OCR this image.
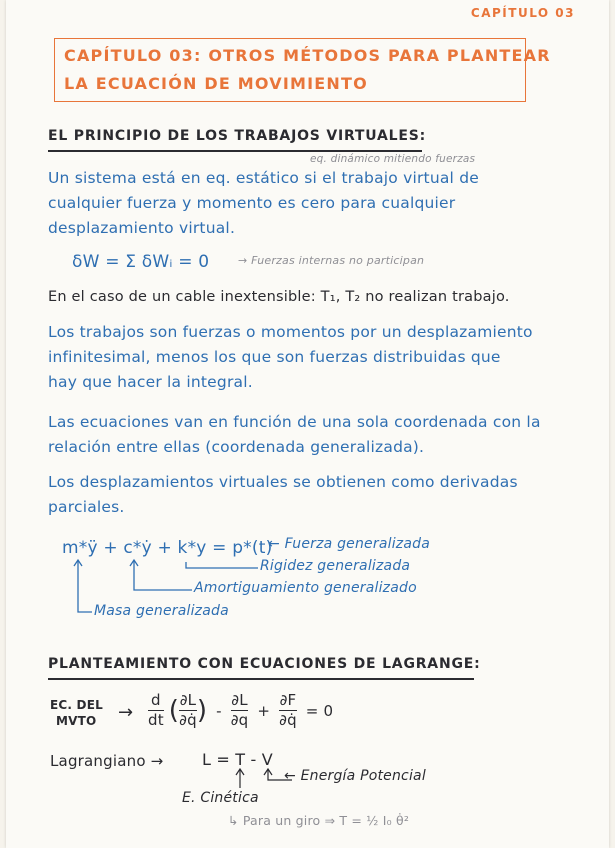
CAPÍTULO 03

CAPÍTULO 03: OTROS MÉTODOS PARA PLANTEAR

LA ECUACIÓN DE MOVIMIENTO

EL PRINCIPIO DE LOS TRABAJOS VIRTUALES:

eq. dinámico mitiendo fuerzas

Un sistema está en eq. estático si el trabajo virtual de

cualquier fuerza y momento es cero para cualquier

desplazamiento virtual.

δW = Σ δWᵢ = 0	→ Fuerzas internas no participan

En el caso de un cable inextensible: T₁, T₂ no realizan trabajo.

Los trabajos son fuerzas o momentos por un desplazamiento

infinitesimal, menos los que son fuerzas distribuidas que

hay que hacer la integral.

Las ecuaciones van en función de una sola coordenada con la

relación entre ellas (coordenada generalizada).

Los desplazamientos virtuales se obtienen como derivadas

parciales.

m*ÿ + c*ẏ + k*y = p*(t)

← Fuerza generalizada

Rigidez generalizada

Amortiguamiento generalizado

Masa generalizada

PLANTEAMIENTO CON ECUACIONES DE LAGRANGE:

EC. DEL

MVTO → $\frac{d}{dt}$ ( $\frac{\partial L}{\partial q̇}$ ) - $\frac{\partial L}{\partial q} + \frac{\partial F}{\partial q̇} = 0$

Lagrangiano → L = T - V

← Energía Potencial

E. Cinética

↳ Para un giro ⇒ T = ½ I₀ θ̇²
